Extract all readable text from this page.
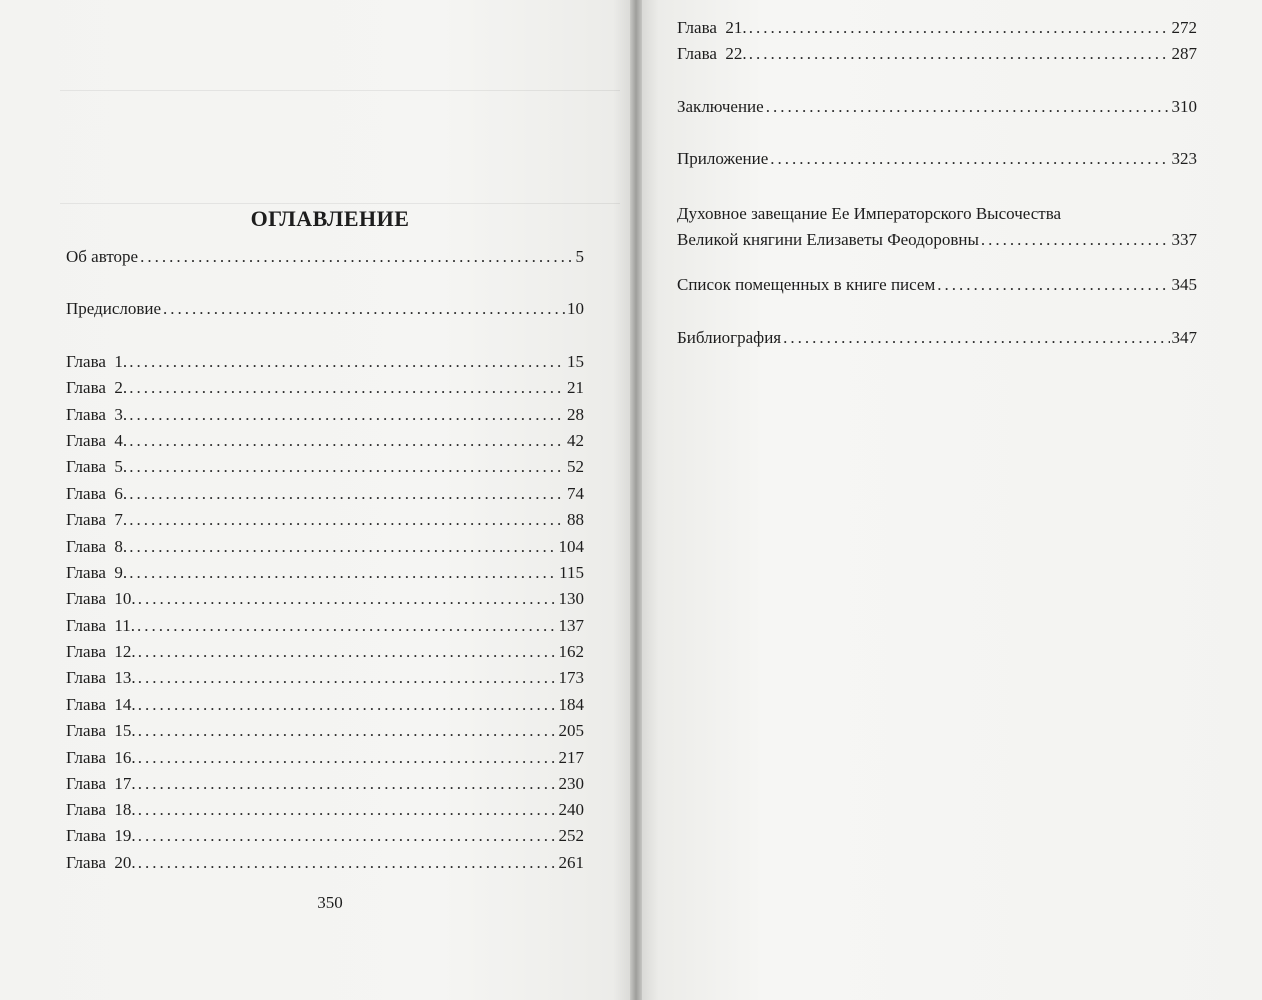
ОГЛАВЛЕНИЕ
Об авторе .....	5
Предисловие .....	10
Глава  1. .....	15
Глава  2. .....	21
Глава  3. .....	28
Глава  4. .....	42
Глава  5. .....	52
Глава  6. .....	74
Глава  7. .....	88
Глава  8. .....	104
Глава  9. .....	115
Глава  10. .....	130
Глава  11. .....	137
Глава  12. .....	162
Глава  13. .....	173
Глава  14. .....	184
Глава  15. .....	205
Глава  16. .....	217
Глава  17. .....	230
Глава  18. .....	240
Глава  19. .....	252
Глава  20. .....	261
350
Глава  21. .....	272
Глава  22. .....	287
Заключение .....	310
Приложение .....	323
Духовное завещание Ее Императорского Высочества
Великой княгини Елизаветы Феодоровны .....	337
Список помещенных в книге писем .....	345
Библиография .....	347
